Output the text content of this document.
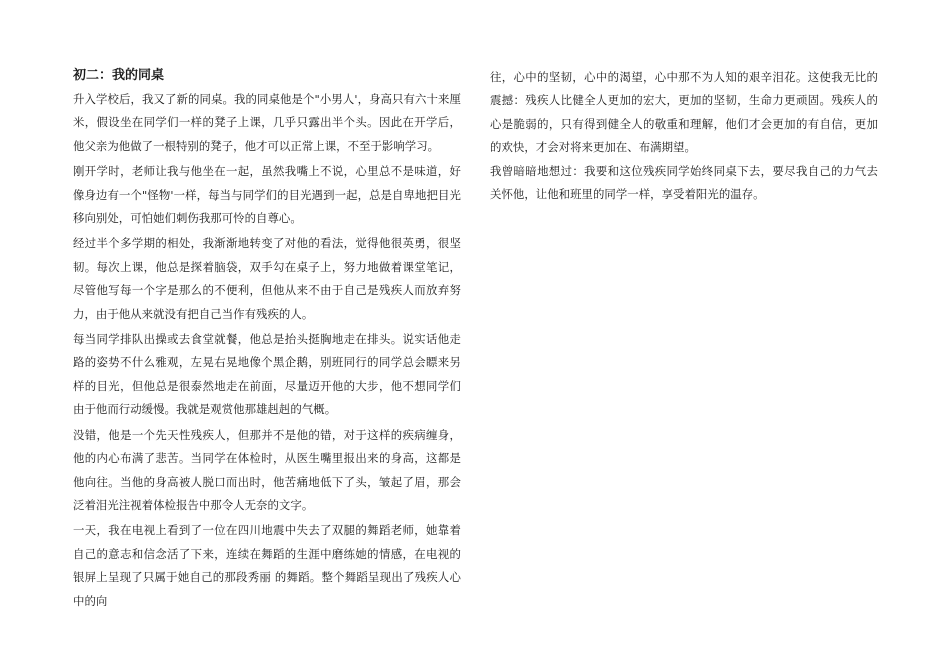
初二：我的同桌

升入学校后，我又了新的同桌。我的同桌他是个"小男人'，身高只有六十来厘米，假设坐在同学们一样的凳子上课，几乎只露出半个头。因此在开学后，他父亲为他做了一根特别的凳子，他才可以正常上课，不至于影响学习。

刚开学时，老师让我与他坐在一起，虽然我嘴上不说，心里总不是味道，好像身边有一个"怪物'一样，每当与同学们的目光遇到一起，总是自卑地把目光移向别处，可怕她们刺伤我那可怜的自尊心。

经过半个多学期的相处，我渐渐地转变了对他的看法，觉得他很英勇，很坚韧。每次上课，他总是探着脑袋，双手勾在桌子上，努力地做着课堂笔记，尽管他写每一个字是那么的不便利，但他从来不由于自己是残疾人而放弃努力，由于他从来就没有把自己当作有残疾的人。

每当同学排队出操或去食堂就餐，他总是抬头挺胸地走在排头。说实话他走路的姿势不什么雅观，左晃右晃地像个黑企鹅，别班同行的同学总会瞟来另样的目光，但他总是很泰然地走在前面，尽量迈开他的大步，他不想同学们由于他而行动缓慢。我就是观赏他那雄赳赳的气概。

没错，他是一个先天性残疾人，但那并不是他的错，对于这样的疾病缠身，他的内心布满了悲苦。当同学在体检时，从医生嘴里报出来的身高，这都是他向往。当他的身高被人脱口而出时，他苦痛地低下了头，皱起了眉，那会泛着泪光注视着体检报告中那令人无奈的文字。

一天，我在电视上看到了一位在四川地震中失去了双腿的舞蹈老师，她靠着自己的意志和信念活了下来，连续在舞蹈的生涯中磨练她的情感，在电视的银屏上呈现了只属于她自己的那段秀丽 的舞蹈。整个舞蹈呈现出了残疾人心中的向

往，心中的坚韧，心中的渴望，心中那不为人知的艰辛泪花。这使我无比的震撼：残疾人比健全人更加的宏大，更加的坚韧，生命力更顽固。残疾人的心是脆弱的，只有得到健全人的敬重和理解，他们才会更加的有自信，更加的欢快，才会对将来更加在、布满期望。

我曾暗暗地想过：我要和这位残疾同学始终同桌下去，要尽我自己的力气去关怀他，让他和班里的同学一样，享受着阳光的温存。
